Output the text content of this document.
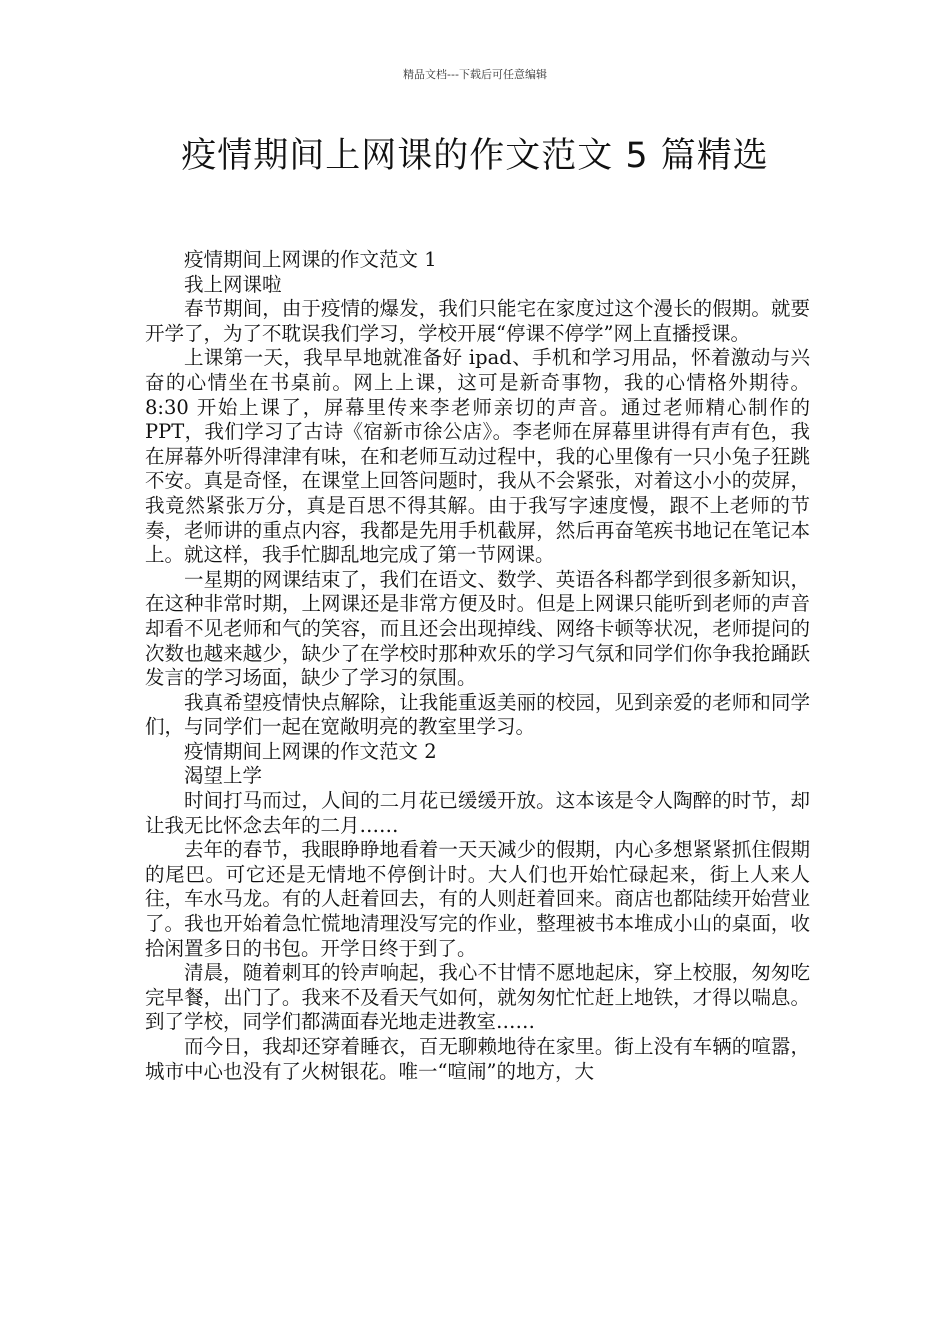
精品文档---下载后可任意编辑
疫情期间上网课的作文范文 5 篇精选

疫情期间上网课的作文范文 1

我上网课啦

春节期间，由于疫情的爆发，我们只能宅在家度过这个漫长的假期。就要开学了，为了不耽误我们学习，学校开展“停课不停学”网上直播授课。

上课第一天，我早早地就准备好 ipad、手机和学习用品，怀着激动与兴奋的心情坐在书桌前。网上上课，这可是新奇事物，我的心情格外期待。8:30 开始上课了，屏幕里传来李老师亲切的声音。通过老师精心制作的 PPT，我们学习了古诗《宿新市徐公店》。李老师在屏幕里讲得有声有色，我在屏幕外听得津津有味，在和老师互动过程中，我的心里像有一只小兔子狂跳不安。真是奇怪，在课堂上回答问题时，我从不会紧张，对着这小小的荧屏，我竟然紧张万分，真是百思不得其解。由于我写字速度慢，跟不上老师的节奏，老师讲的重点内容，我都是先用手机截屏，然后再奋笔疾书地记在笔记本上。就这样，我手忙脚乱地完成了第一节网课。

一星期的网课结束了，我们在语文、数学、英语各科都学到很多新知识，在这种非常时期，上网课还是非常方便及时。但是上网课只能听到老师的声音却看不见老师和气的笑容，而且还会出现掉线、网络卡顿等状况，老师提问的次数也越来越少，缺少了在学校时那种欢乐的学习气氛和同学们你争我抢踊跃发言的学习场面，缺少了学习的氛围。

我真希望疫情快点解除，让我能重返美丽的校园，见到亲爱的老师和同学们，与同学们一起在宽敞明亮的教室里学习。

疫情期间上网课的作文范文 2

渴望上学

时间打马而过，人间的二月花已缓缓开放。这本该是令人陶醉的时节，却让我无比怀念去年的二月……

去年的春节，我眼睁睁地看着一天天减少的假期，内心多想紧紧抓住假期的尾巴。可它还是无情地不停倒计时。大人们也开始忙碌起来，街上人来人往，车水马龙。有的人赶着回去，有的人则赶着回来。商店也都陆续开始营业了。我也开始着急忙慌地清理没写完的作业，整理被书本堆成小山的桌面，收拾闲置多日的书包。开学日终于到了。

清晨，随着刺耳的铃声响起，我心不甘情不愿地起床，穿上校服，匆匆吃完早餐，出门了。我来不及看天气如何，就匆匆忙忙赶上地铁，才得以喘息。到了学校，同学们都满面春光地走进教室……

而今日，我却还穿着睡衣，百无聊赖地待在家里。街上没有车辆的喧嚣，城市中心也没有了火树银花。唯一“喧闹”的地方，大
